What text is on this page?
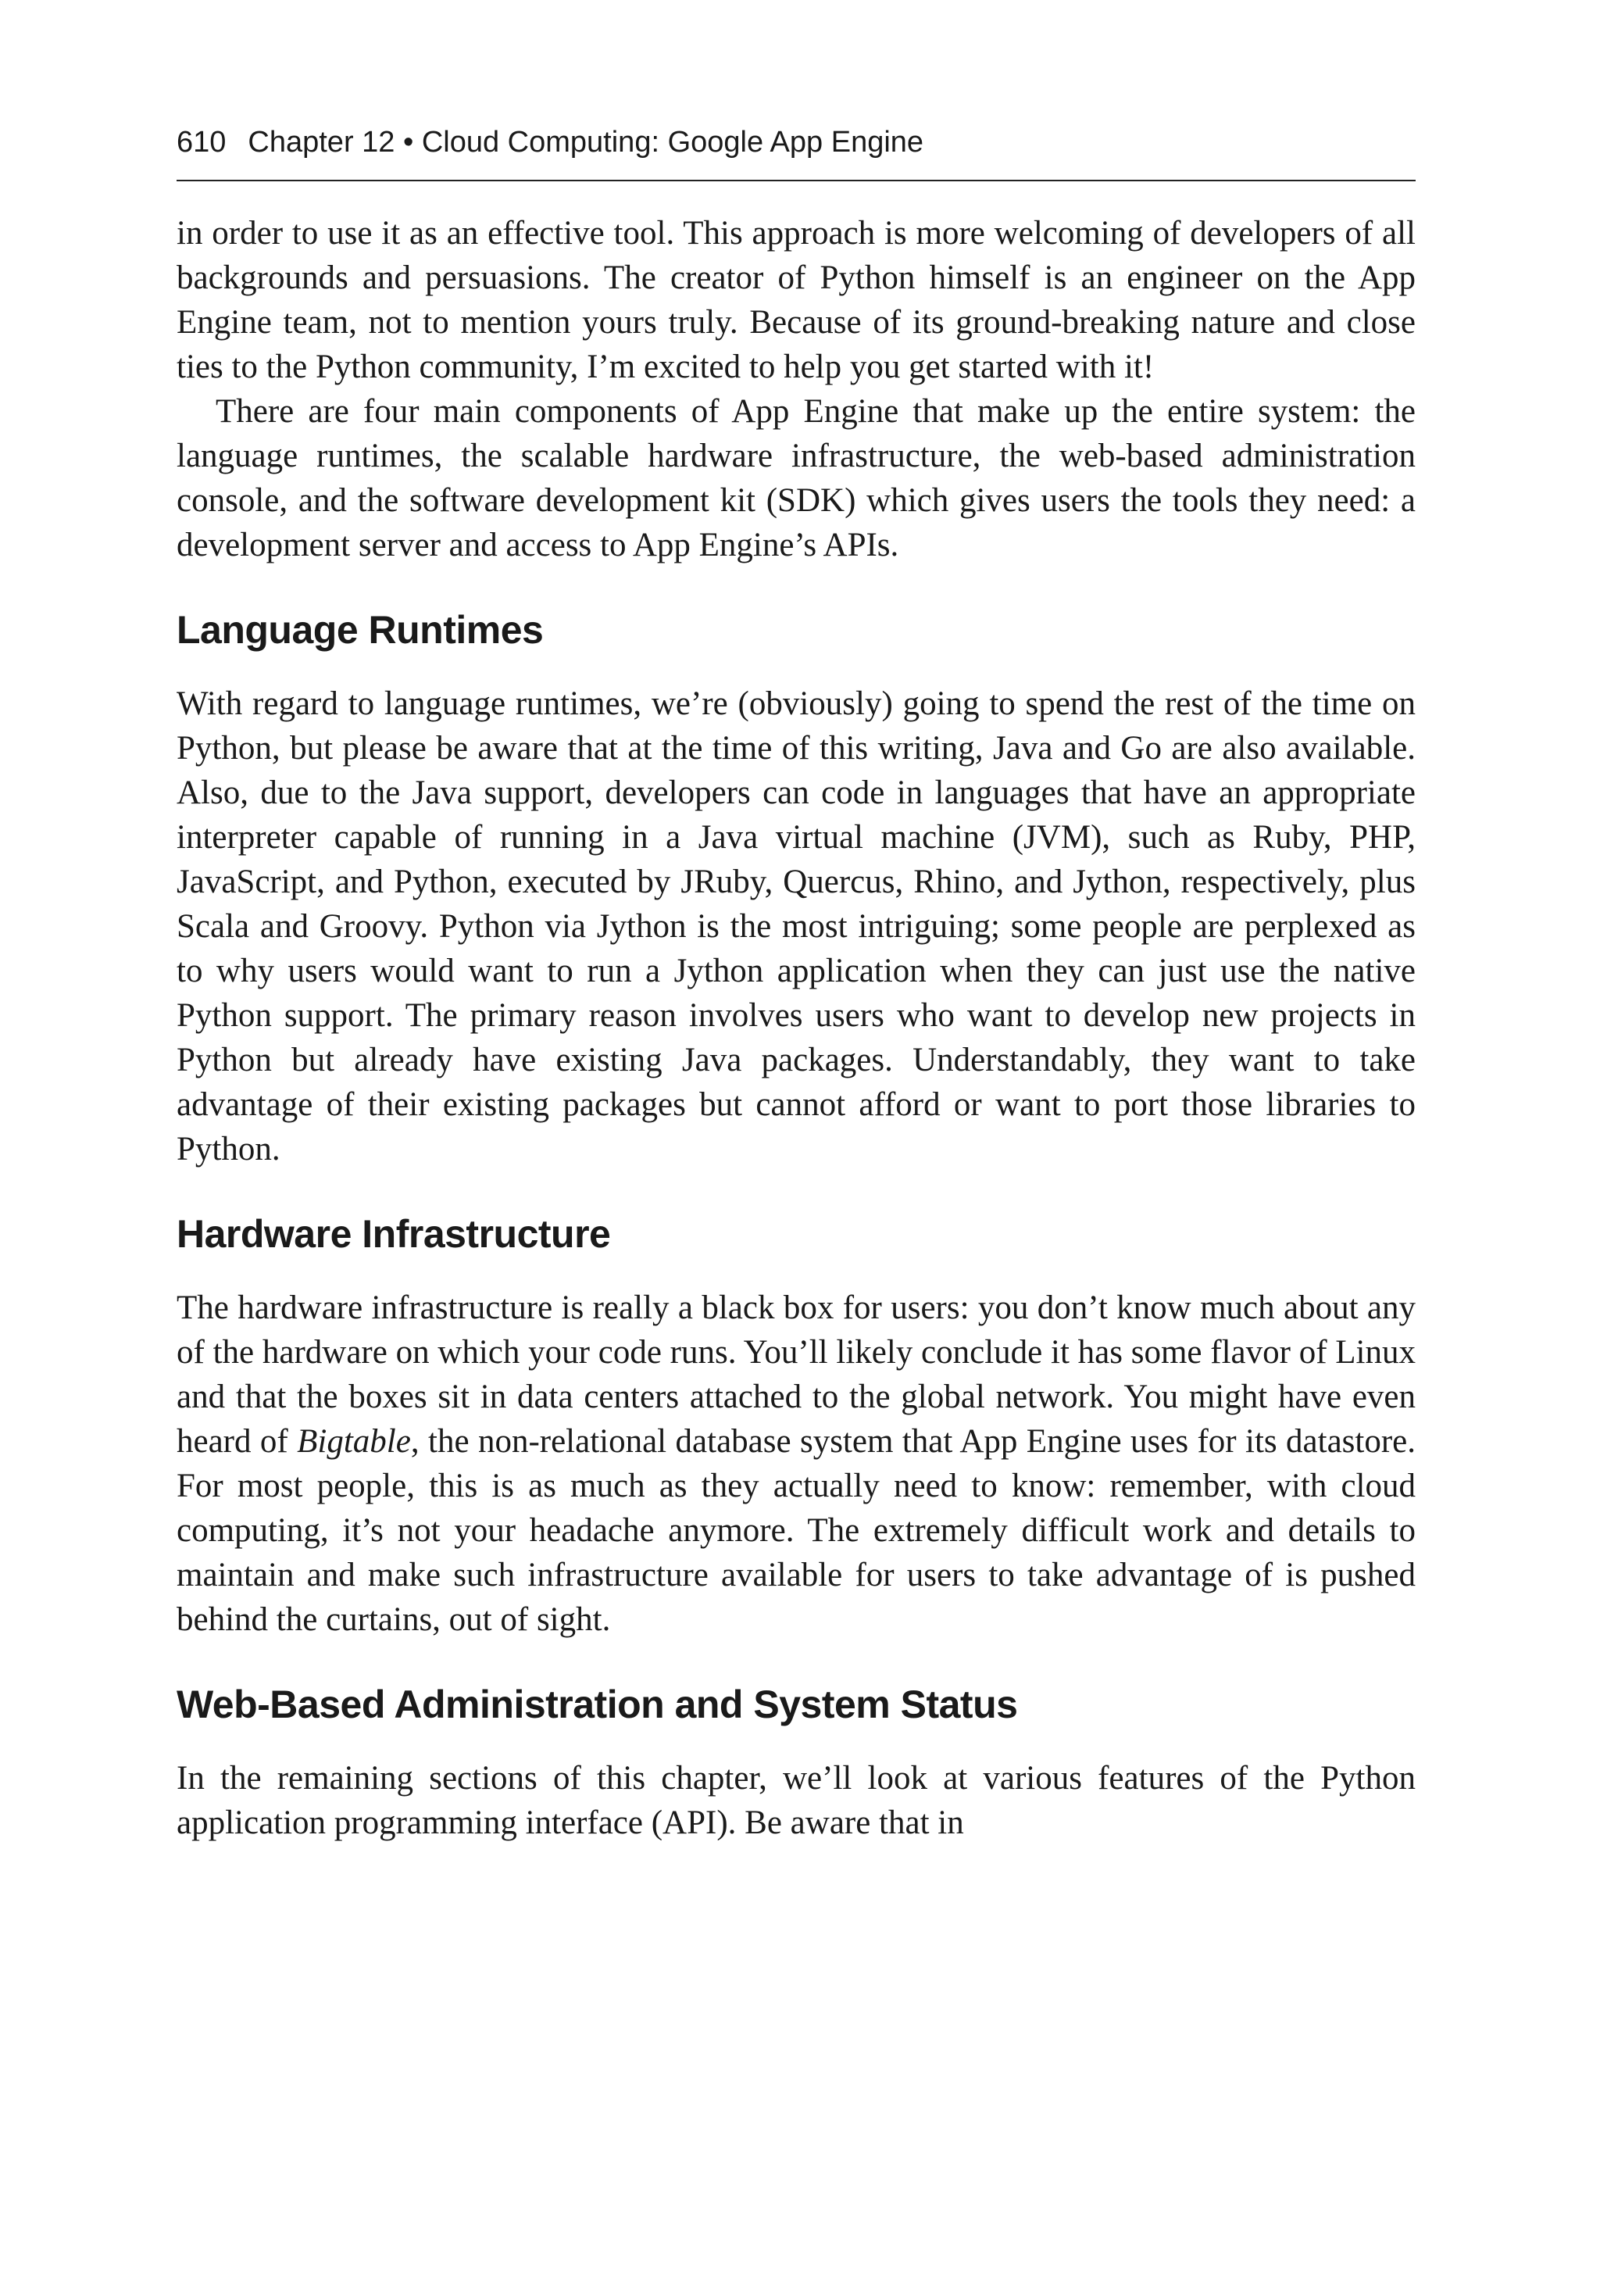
610 Chapter 12 • Cloud Computing: Google App Engine

in order to use it as an effective tool. This approach is more welcoming of developers of all backgrounds and persuasions. The creator of Python himself is an engineer on the App Engine team, not to mention yours truly. Because of its ground-breaking nature and close ties to the Python community, I’m excited to help you get started with it!

There are four main components of App Engine that make up the entire system: the language runtimes, the scalable hardware infrastructure, the web-based administration console, and the software development kit (SDK) which gives users the tools they need: a development server and access to App Engine’s APIs.

Language Runtimes

With regard to language runtimes, we’re (obviously) going to spend the rest of the time on Python, but please be aware that at the time of this writing, Java and Go are also available. Also, due to the Java support, developers can code in languages that have an appropriate interpreter capable of running in a Java virtual machine (JVM), such as Ruby, PHP, JavaScript, and Python, executed by JRuby, Quercus, Rhino, and Jython, respectively, plus Scala and Groovy. Python via Jython is the most intriguing; some people are perplexed as to why users would want to run a Jython application when they can just use the native Python support. The primary reason involves users who want to develop new projects in Python but already have existing Java packages. Understandably, they want to take advantage of their existing packages but cannot afford or want to port those libraries to Python.

Hardware Infrastructure

The hardware infrastructure is really a black box for users: you don’t know much about any of the hardware on which your code runs. You’ll likely conclude it has some flavor of Linux and that the boxes sit in data centers attached to the global network. You might have even heard of Bigtable, the non-relational database system that App Engine uses for its datastore. For most people, this is as much as they actually need to know: remember, with cloud computing, it’s not your headache anymore. The extremely difficult work and details to maintain and make such infrastructure available for users to take advantage of is pushed behind the curtains, out of sight.

Web-Based Administration and System Status

In the remaining sections of this chapter, we’ll look at various features of the Python application programming interface (API). Be aware that in
